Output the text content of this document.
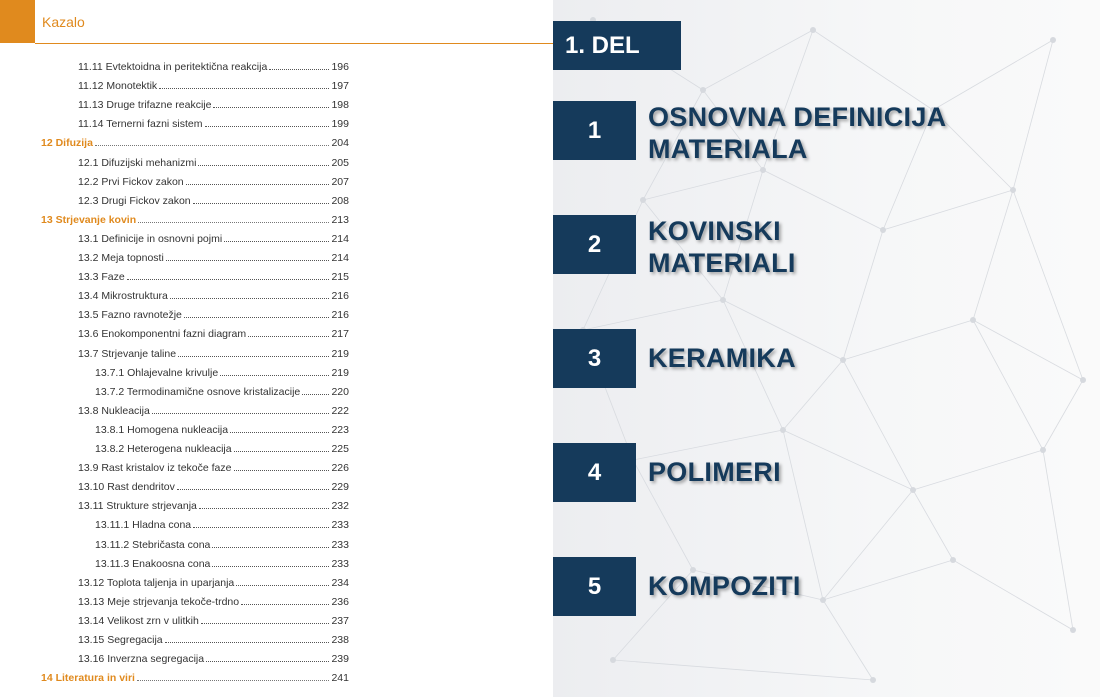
Kazalo
11.11 Evtektoidna in peritektična reakcija	196
11.12 Monotektik	197
11.13 Druge trifazne reakcije	198
11.14 Ternerni fazni sistem	199
12 Difuzija	204
12.1 Difuzijski mehanizmi	205
12.2 Prvi Fickov zakon	207
12.3 Drugi Fickov zakon	208
13 Strjevanje kovin	213
13.1 Definicije in osnovni pojmi	214
13.2 Meja topnosti	214
13.3 Faze	215
13.4 Mikrostruktura	216
13.5 Fazno ravnotežje	216
13.6 Enokomponentni fazni diagram	217
13.7 Strjevanje taline	219
13.7.1 Ohlajevalne krivulje	219
13.7.2 Termodinamične osnove kristalizacije	220
13.8 Nukleacija	222
13.8.1 Homogena nukleacija	223
13.8.2 Heterogena nukleacija	225
13.9 Rast kristalov iz tekoče faze	226
13.10 Rast dendritov	229
13.11 Strukture strjevanja	232
13.11.1 Hladna cona	233
13.11.2 Stebričasta cona	233
13.11.3 Enakoosna cona	233
13.12 Toplota taljenja in uparjanja	234
13.13 Meje strjevanja tekoče-trdno	236
13.14 Velikost zrn v ulitkih	237
13.15 Segregacija	238
13.16 Inverzna segregacija	239
14 Literatura in viri	241
1. DEL
1	OSNOVNA DEFINICIJA
MATERIALA
2	KOVINSKI
MATERIALI
3	KERAMIKA
4	POLIMERI
5	KOMPOZITI
